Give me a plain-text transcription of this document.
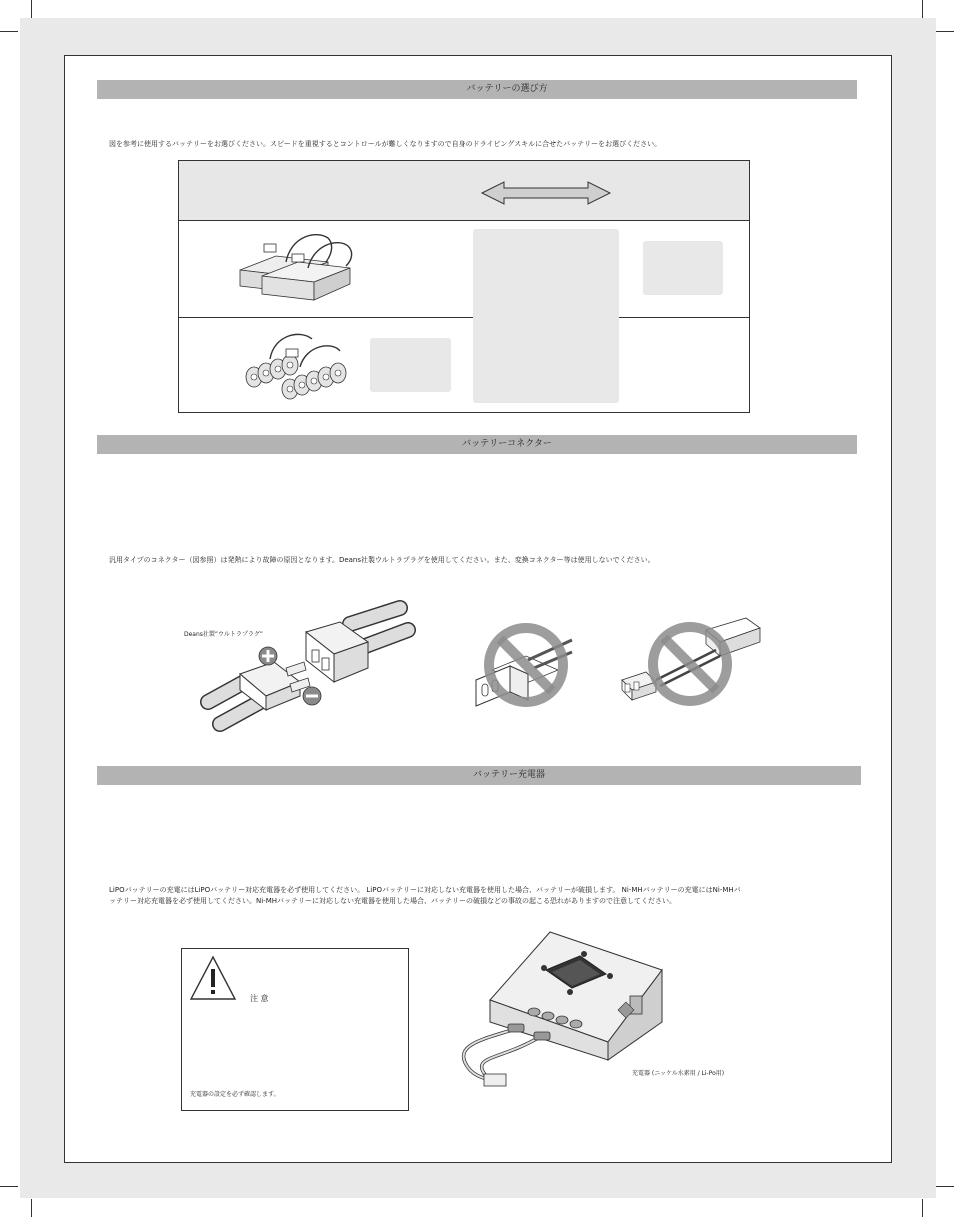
バッテリーの選び方
図を参考に使用するバッテリーをお選びください。スピードを重視するとコントロールが難しくなりますので自身のドライビングスキルに合せたバッテリーをお選びください。
バッテリーコネクター
汎用タイプのコネクター（図参照）は発熱により故障の原因となります。Deans社製ウルトラプラグを使用してください。また、変換コネクター等は使用しないでください。
Deans社製”ウルトラプラグ”
バッテリー充電器
LiPOバッテリーの充電にはLiPOバッテリー対応充電器を必ず使用してください。 LiPOバッテリーに対応しない充電器を使用した場合、バッテリーが破損します。 Ni-MHバッテリーの充電にはNi-MHバ
ッテリー対応充電器を必ず使用してください。Ni-MHバッテリーに対応しない充電器を使用した場合、バッテリーの破損などの事故の起こる恐れがありますので注意してください。
注 意
充電器の設定を必ず確認します。
充電器 (ニッケル水素用 / Li-Po用)
